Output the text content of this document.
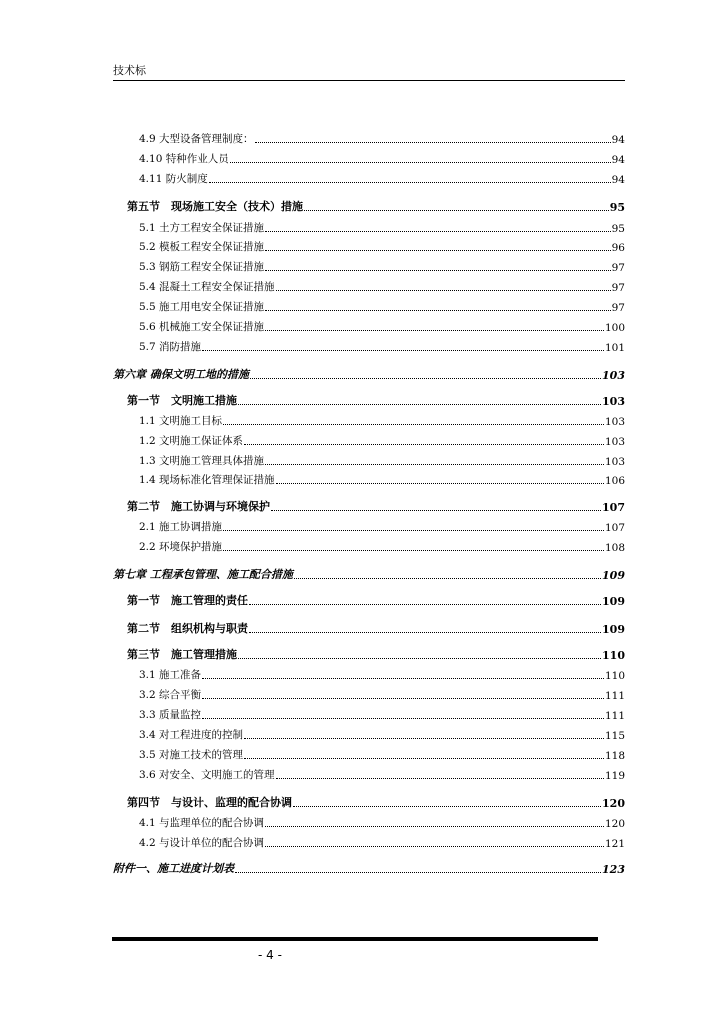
技术标
4.9 大型设备管理制度：	94
4.10 特种作业人员	94
4.11 防火制度	94
第五节　现场施工安全（技术）措施	95
5.1 土方工程安全保证措施	95
5.2 模板工程安全保证措施	96
5.3 钢筋工程安全保证措施	97
5.4 混凝土工程安全保证措施	97
5.5 施工用电安全保证措施	97
5.6 机械施工安全保证措施	100
5.7 消防措施	101
第六章 确保文明工地的措施	103
第一节　文明施工措施	103
1.1 文明施工目标	103
1.2 文明施工保证体系	103
1.3 文明施工管理具体措施	103
1.4 现场标准化管理保证措施	106
第二节　施工协调与环境保护	107
2.1 施工协调措施	107
2.2 环境保护措施	108
第七章 工程承包管理、施工配合措施	109
第一节　施工管理的责任	109
第二节　组织机构与职责	109
第三节　施工管理措施	110
3.1 施工准备	110
3.2 综合平衡	111
3.3 质量监控	111
3.4 对工程进度的控制	115
3.5 对施工技术的管理	118
3.6 对安全、文明施工的管理	119
第四节　与设计、监理的配合协调	120
4.1 与监理单位的配合协调	120
4.2 与设计单位的配合协调	121
附件一、施工进度计划表	123
- 4 -
